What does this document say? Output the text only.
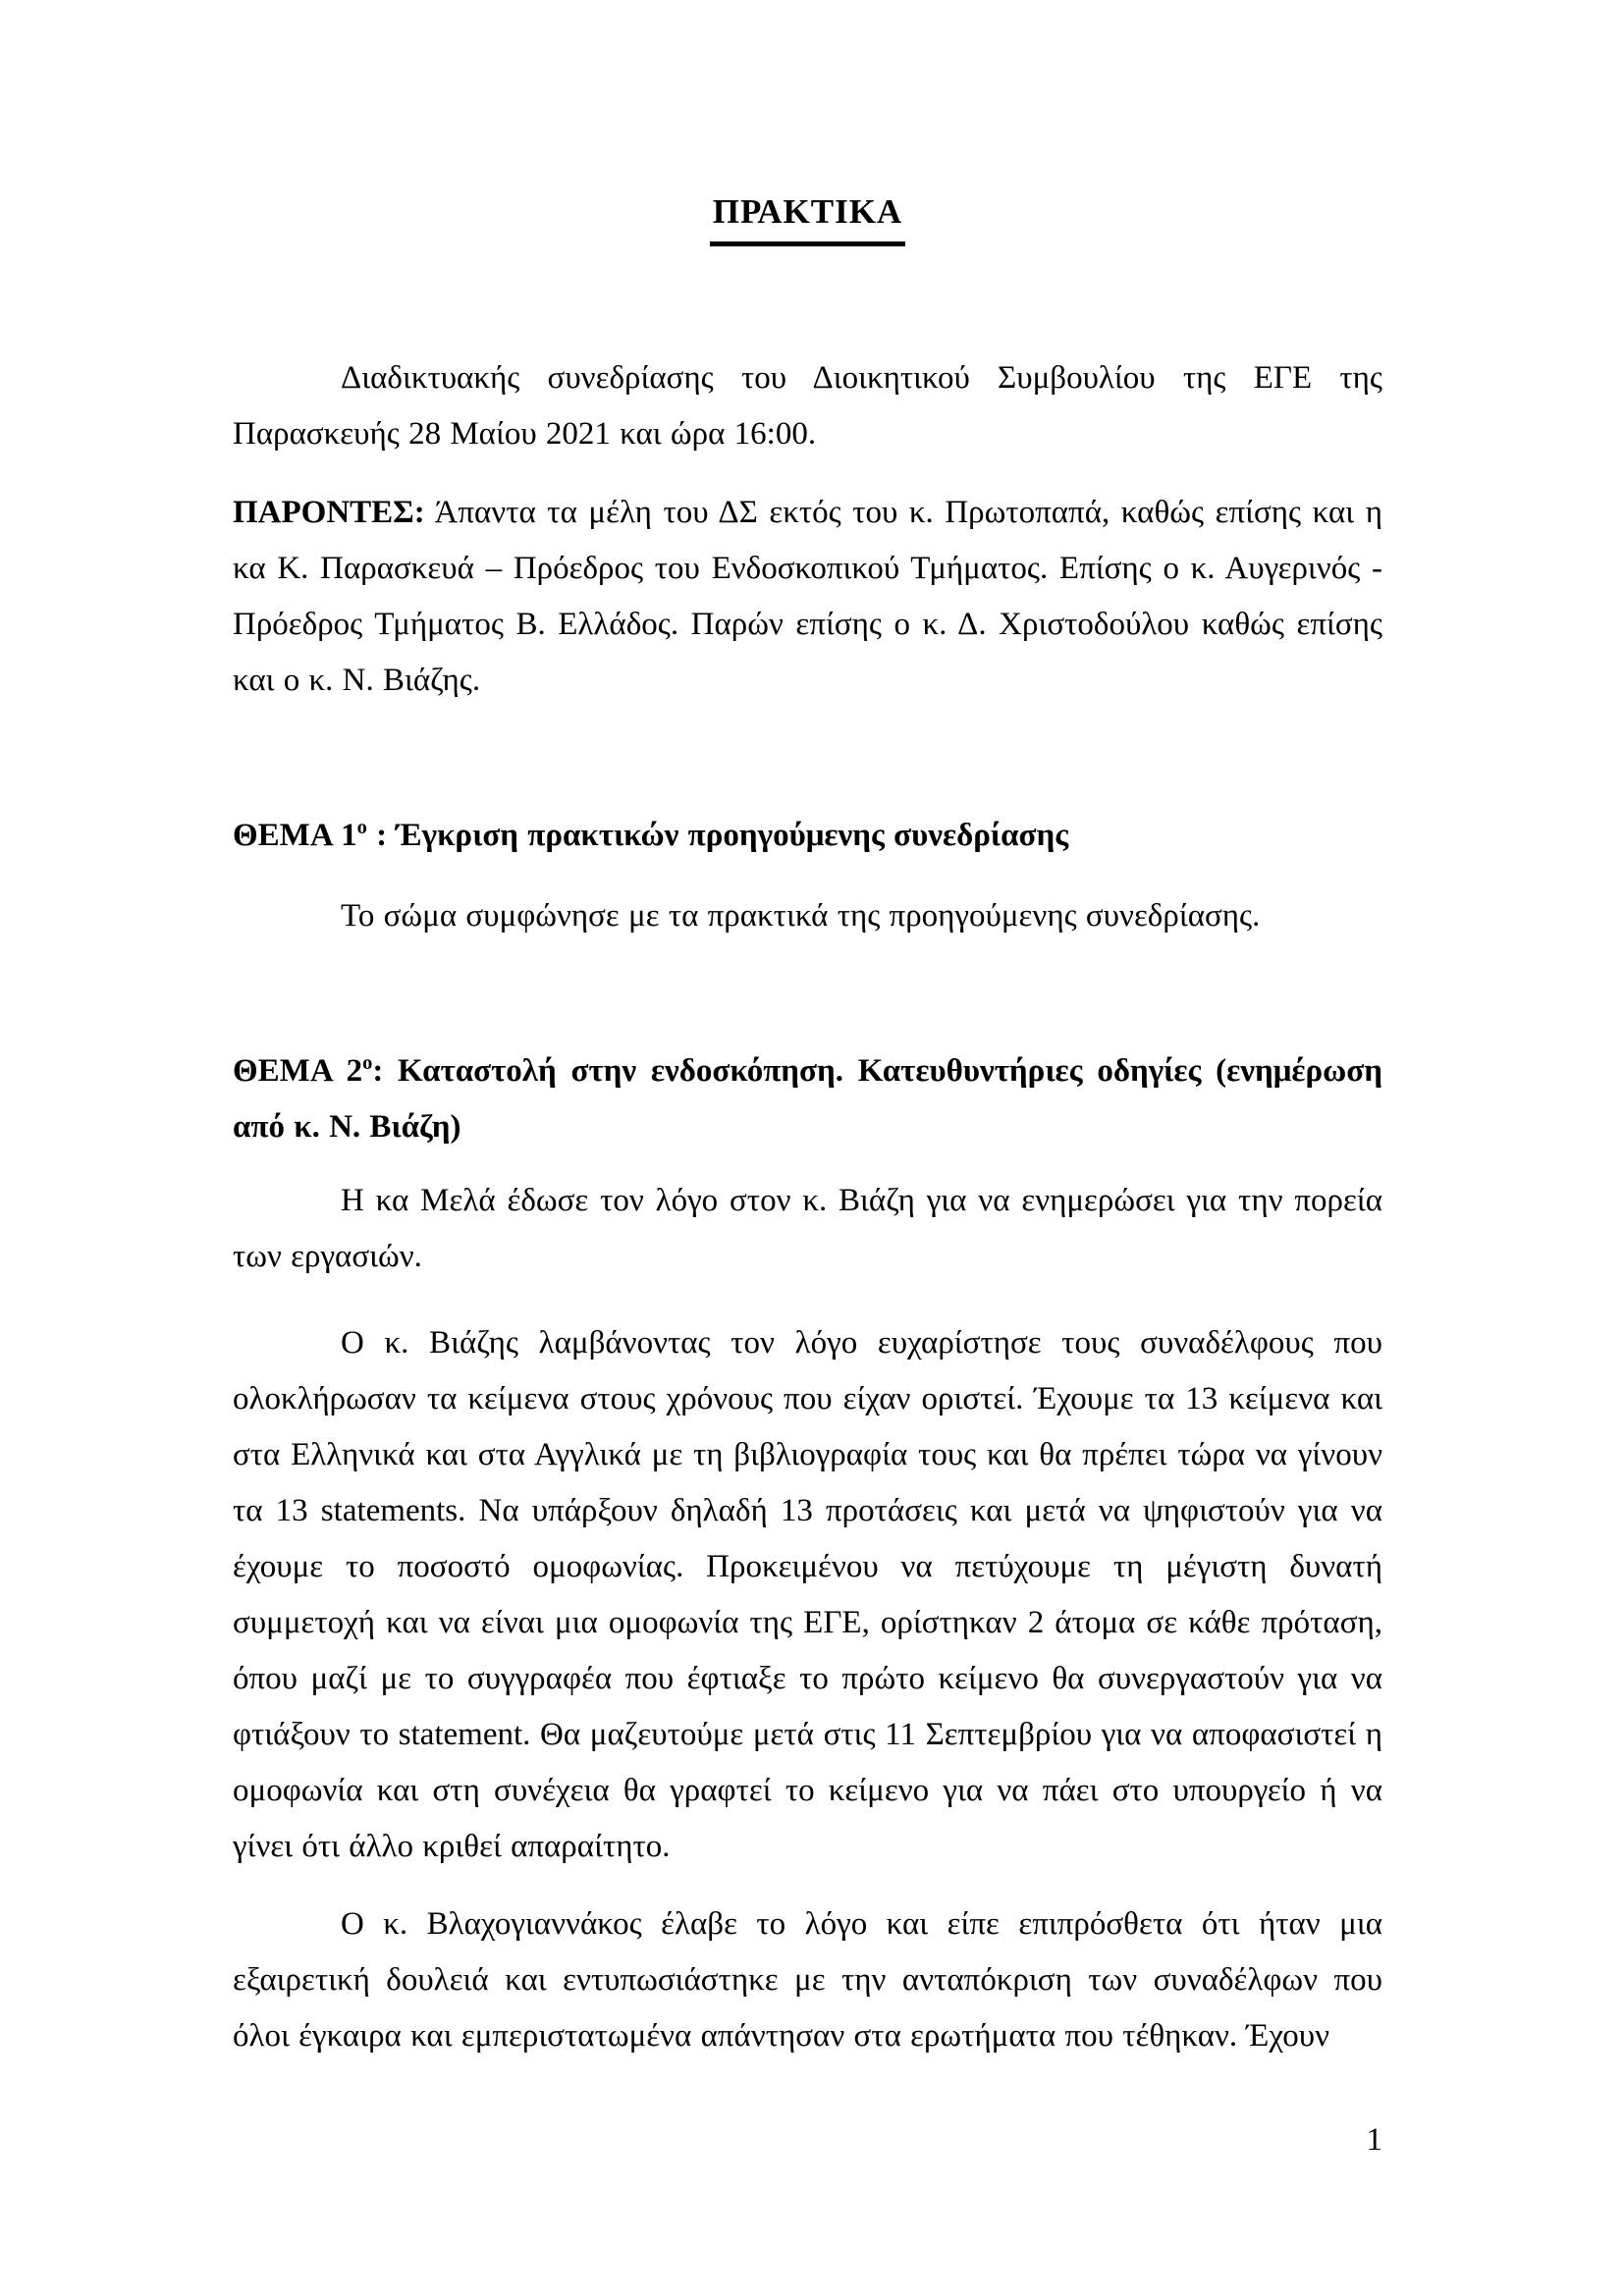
ΠΡΑΚΤΙΚΑ

Διαδικτυακής συνεδρίασης του Διοικητικού Συμβουλίου της ΕΓΕ της Παρασκευής 28 Μαίου 2021 και ώρα 16:00.

ΠΑΡΟΝΤΕΣ: Άπαντα τα μέλη του ΔΣ εκτός του κ. Πρωτοπαπά, καθώς επίσης και η κα Κ. Παρασκευά – Πρόεδρος του Ενδοσκοπικού Τμήματος. Επίσης ο κ. Αυγερινός - Πρόεδρος Τμήματος Β. Ελλάδος. Παρών επίσης ο κ. Δ. Χριστοδούλου καθώς επίσης και ο κ. Ν. Βιάζης.

ΘΕΜΑ $1^o$ : Έγκριση πρακτικών προηγούμενης συνεδρίασης

Το σώμα συμφώνησε με τα πρακτικά της προηγούμενης συνεδρίασης.

ΘΕΜΑ $2^o$: Καταστολή στην ενδοσκόπηση. Κατευθυντήριες οδηγίες (ενημέρωση από κ. Ν. Βιάζη)

Η κα Μελά έδωσε τον λόγο στον κ. Βιάζη για να ενημερώσει για την πορεία των εργασιών.

Ο κ. Βιάζης λαμβάνοντας τον λόγο ευχαρίστησε τους συναδέλφους που ολοκλήρωσαν τα κείμενα στους χρόνους που είχαν οριστεί. Έχουμε τα 13 κείμενα και στα Ελληνικά και στα Αγγλικά με τη βιβλιογραφία τους και θα πρέπει τώρα να γίνουν τα 13 statements. Να υπάρξουν δηλαδή 13 προτάσεις και μετά να ψηφιστούν για να έχουμε το ποσοστό ομοφωνίας. Προκειμένου να πετύχουμε τη μέγιστη δυνατή συμμετοχή και να είναι μια ομοφωνία της ΕΓΕ, ορίστηκαν 2 άτομα σε κάθε πρόταση, όπου μαζί με το συγγραφέα που έφτιαξε το πρώτο κείμενο θα συνεργαστούν για να φτιάξουν το statement. Θα μαζευτούμε μετά στις 11 Σεπτεμβρίου για να αποφασιστεί η ομοφωνία και στη συνέχεια θα γραφτεί το κείμενο για να πάει στο υπουργείο ή να γίνει ότι άλλο κριθεί απαραίτητο.

Ο κ. Βλαχογιαννάκος έλαβε το λόγο και είπε επιπρόσθετα ότι ήταν μια εξαιρετική δουλειά και εντυπωσιάστηκε με την ανταπόκριση των συναδέλφων που όλοι έγκαιρα και εμπεριστατωμένα απάντησαν στα ερωτήματα που τέθηκαν. Έχουν

1
